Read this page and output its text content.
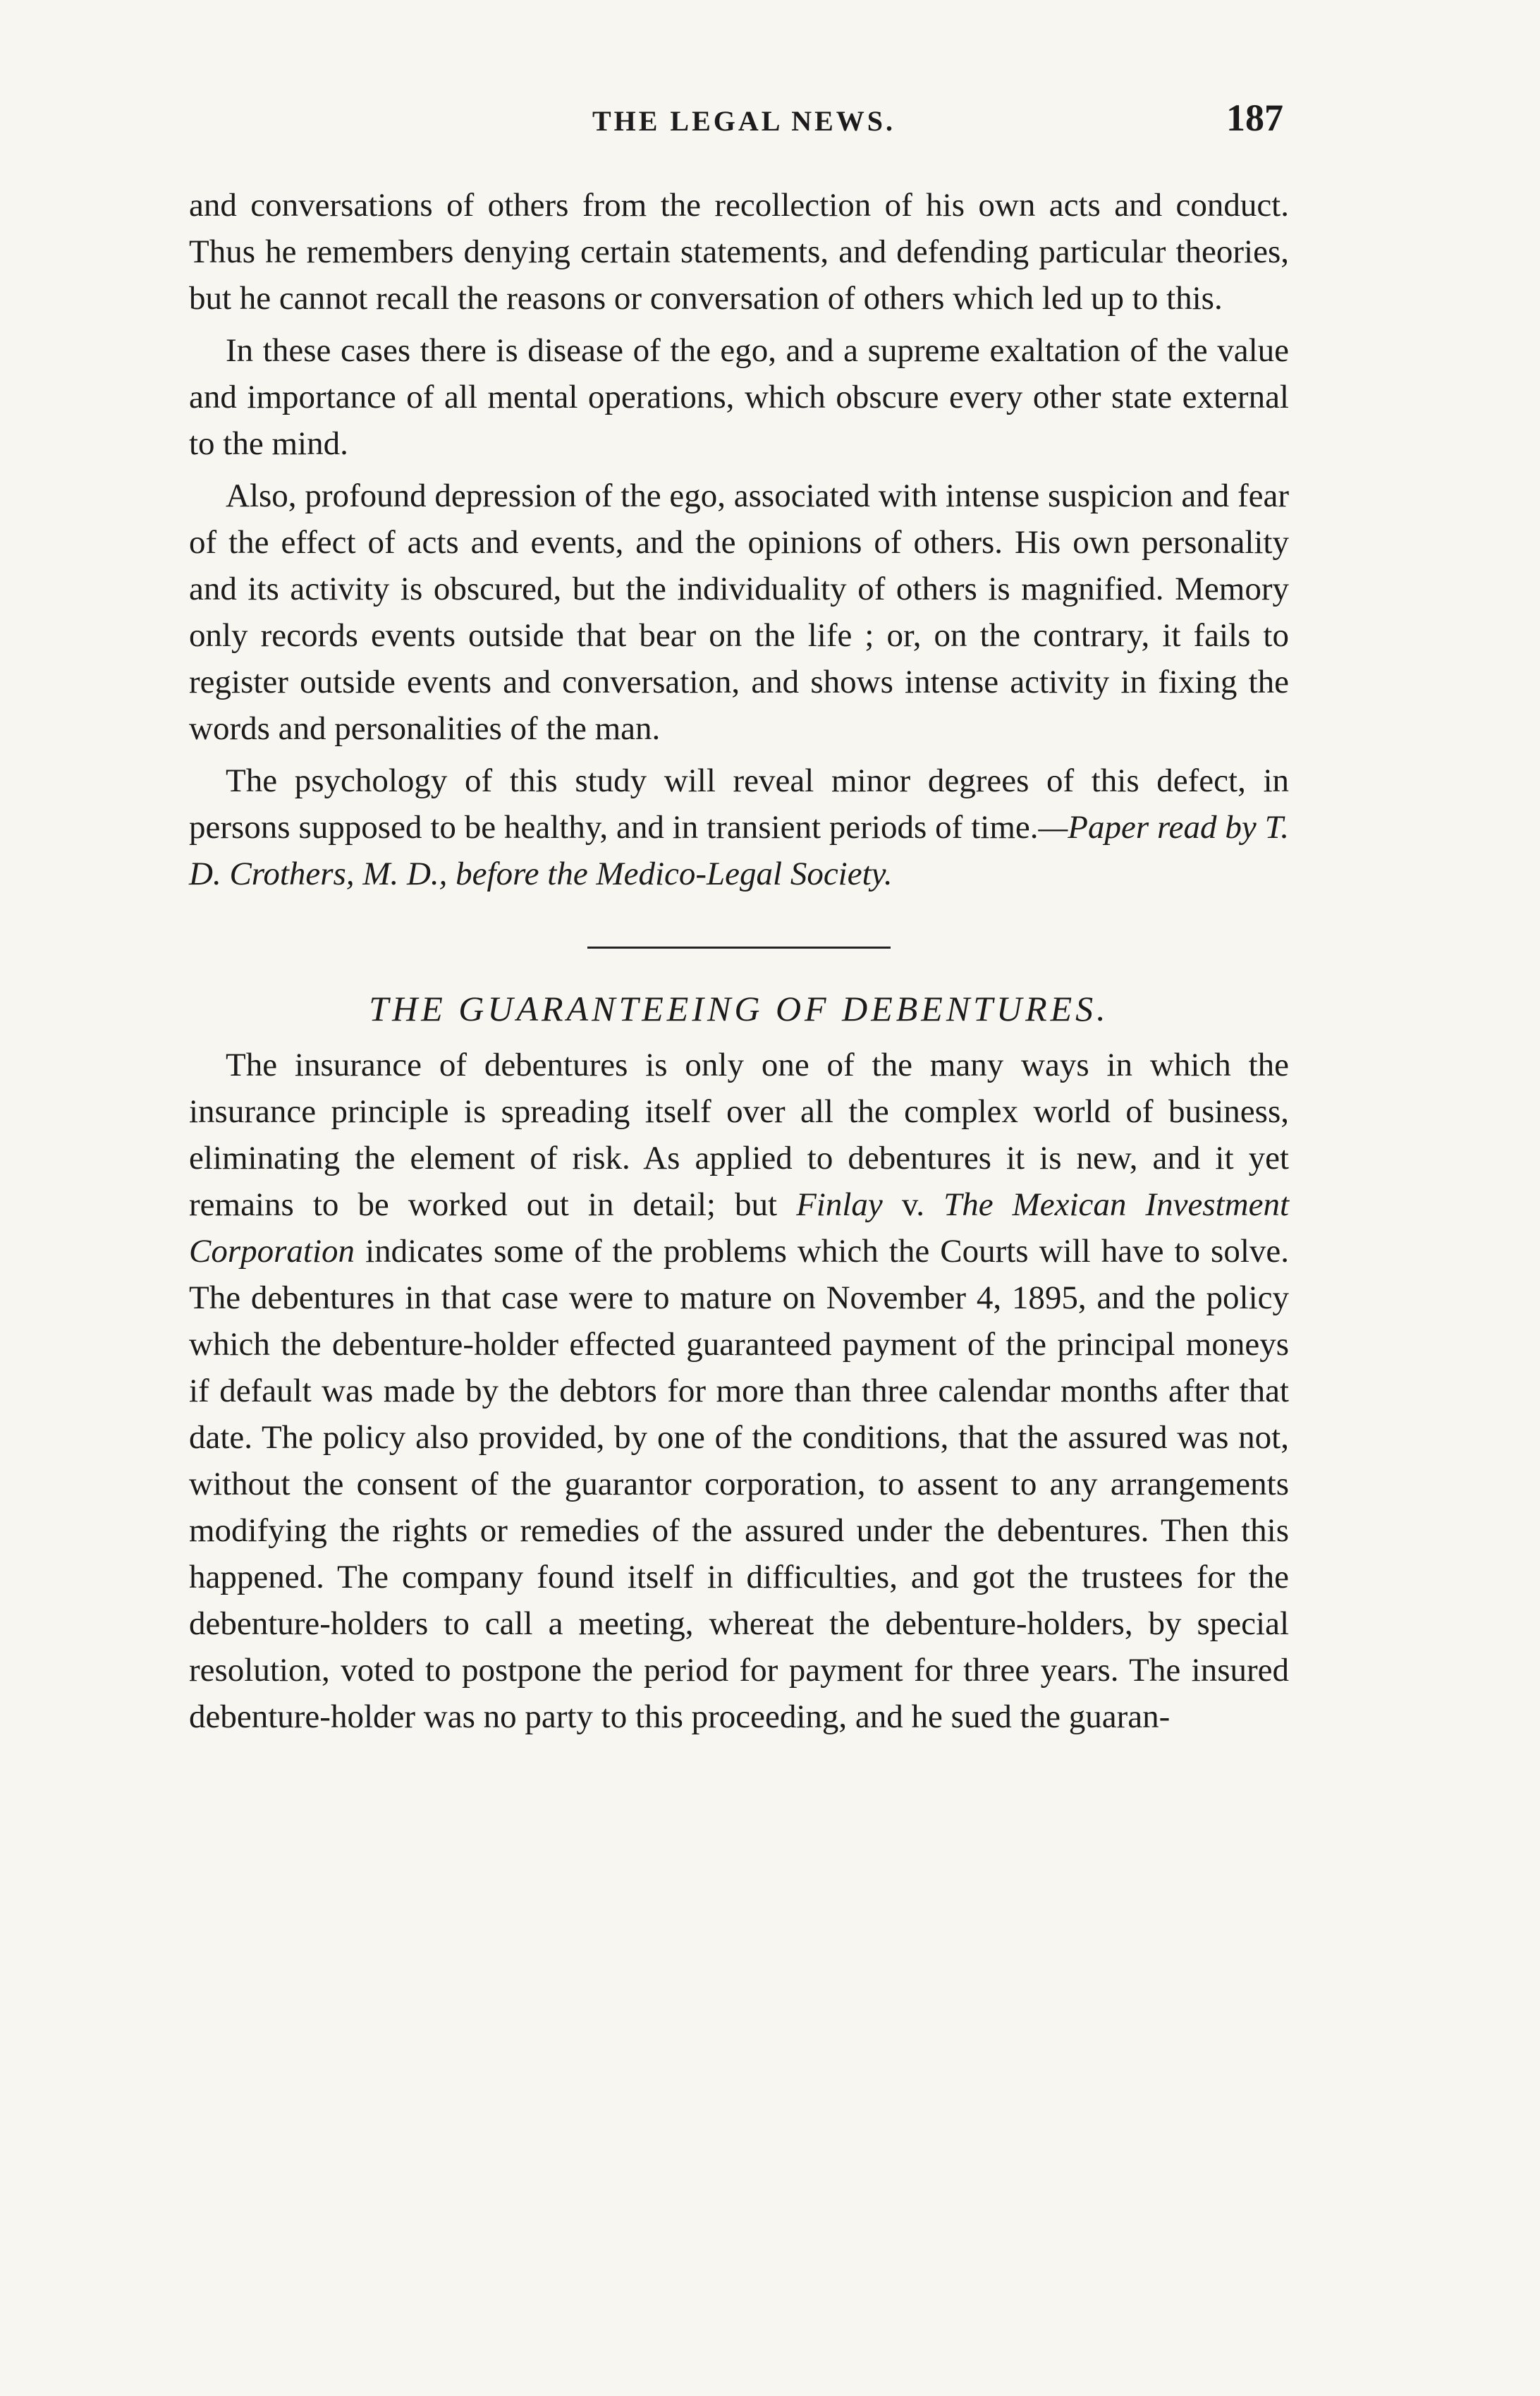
THE LEGAL NEWS.	187

and conversations of others from the recollection of his own acts and conduct. Thus he remembers denying certain statements, and defending particular theories, but he cannot recall the reasons or conversation of others which led up to this.

In these cases there is disease of the ego, and a supreme exaltation of the value and importance of all mental operations, which obscure every other state external to the mind.

Also, profound depression of the ego, associated with intense suspicion and fear of the effect of acts and events, and the opinions of others. His own personality and its activity is obscured, but the individuality of others is magnified. Memory only records events outside that bear on the life ; or, on the contrary, it fails to register outside events and conversation, and shows intense activity in fixing the words and personalities of the man.

The psychology of this study will reveal minor degrees of this defect, in persons supposed to be healthy, and in transient periods of time.—Paper read by T. D. Crothers, M. D., before the Medico-Legal Society.

THE GUARANTEEING OF DEBENTURES.

The insurance of debentures is only one of the many ways in which the insurance principle is spreading itself over all the complex world of business, eliminating the element of risk. As applied to debentures it is new, and it yet remains to be worked out in detail; but Finlay v. The Mexican Investment Corporation indicates some of the problems which the Courts will have to solve. The debentures in that case were to mature on November 4, 1895, and the policy which the debenture-holder effected guaranteed payment of the principal moneys if default was made by the debtors for more than three calendar months after that date. The policy also provided, by one of the conditions, that the assured was not, without the consent of the guarantor corporation, to assent to any arrangements modifying the rights or remedies of the assured under the debentures. Then this happened. The company found itself in difficulties, and got the trustees for the debenture-holders to call a meeting, whereat the debenture-holders, by special resolution, voted to postpone the period for payment for three years. The insured debenture-holder was no party to this proceeding, and he sued the guaran-
